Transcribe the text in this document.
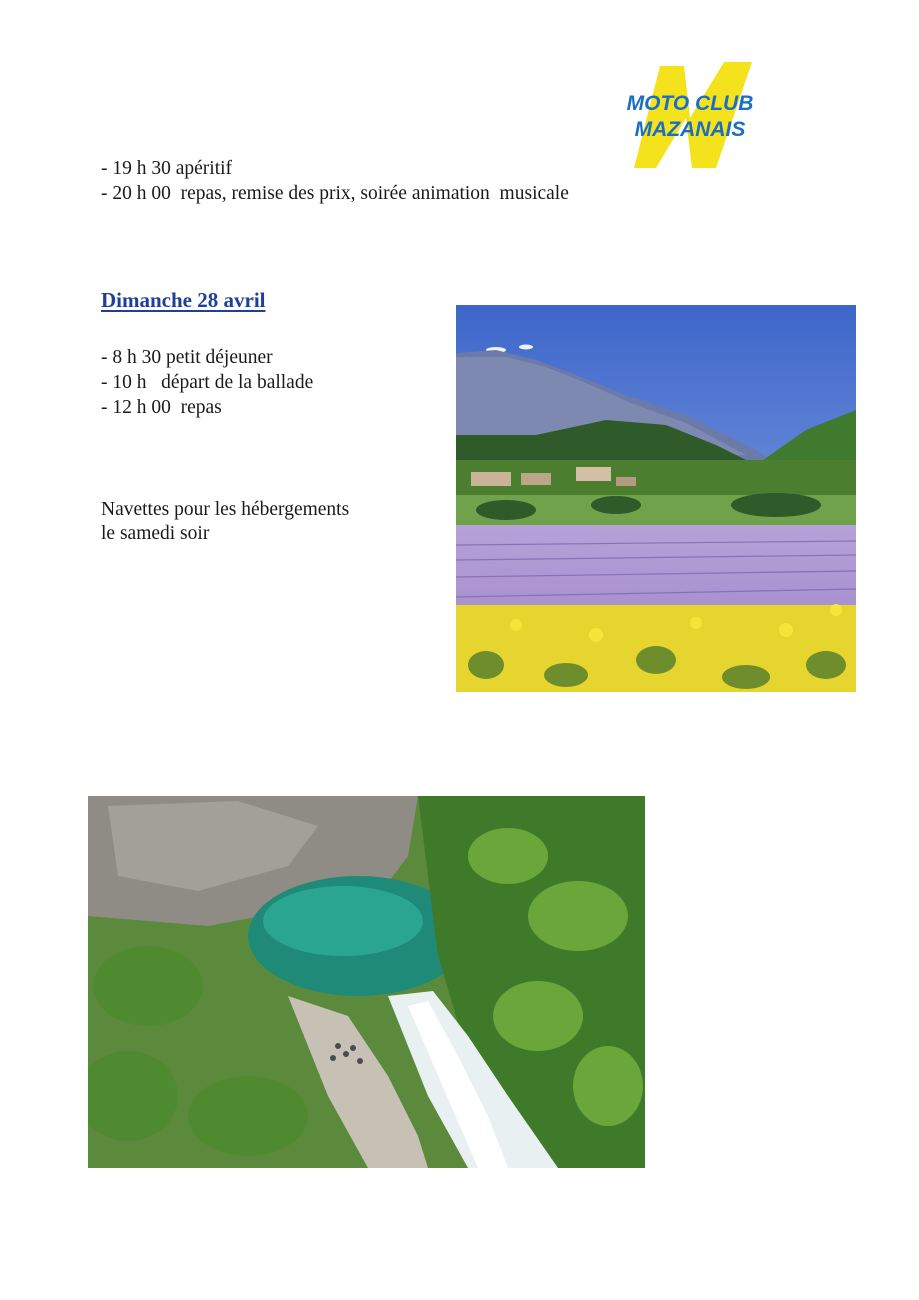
MOTO CLUB
MAZANAIS
- 19 h 30 apéritif
- 20 h 00  repas, remise des prix, soirée animation  musicale
Dimanche 28 avril
- 8 h 30 petit déjeuner
- 10 h   départ de la ballade
- 12 h 00  repas
Navettes pour les hébergements
le samedi soir
